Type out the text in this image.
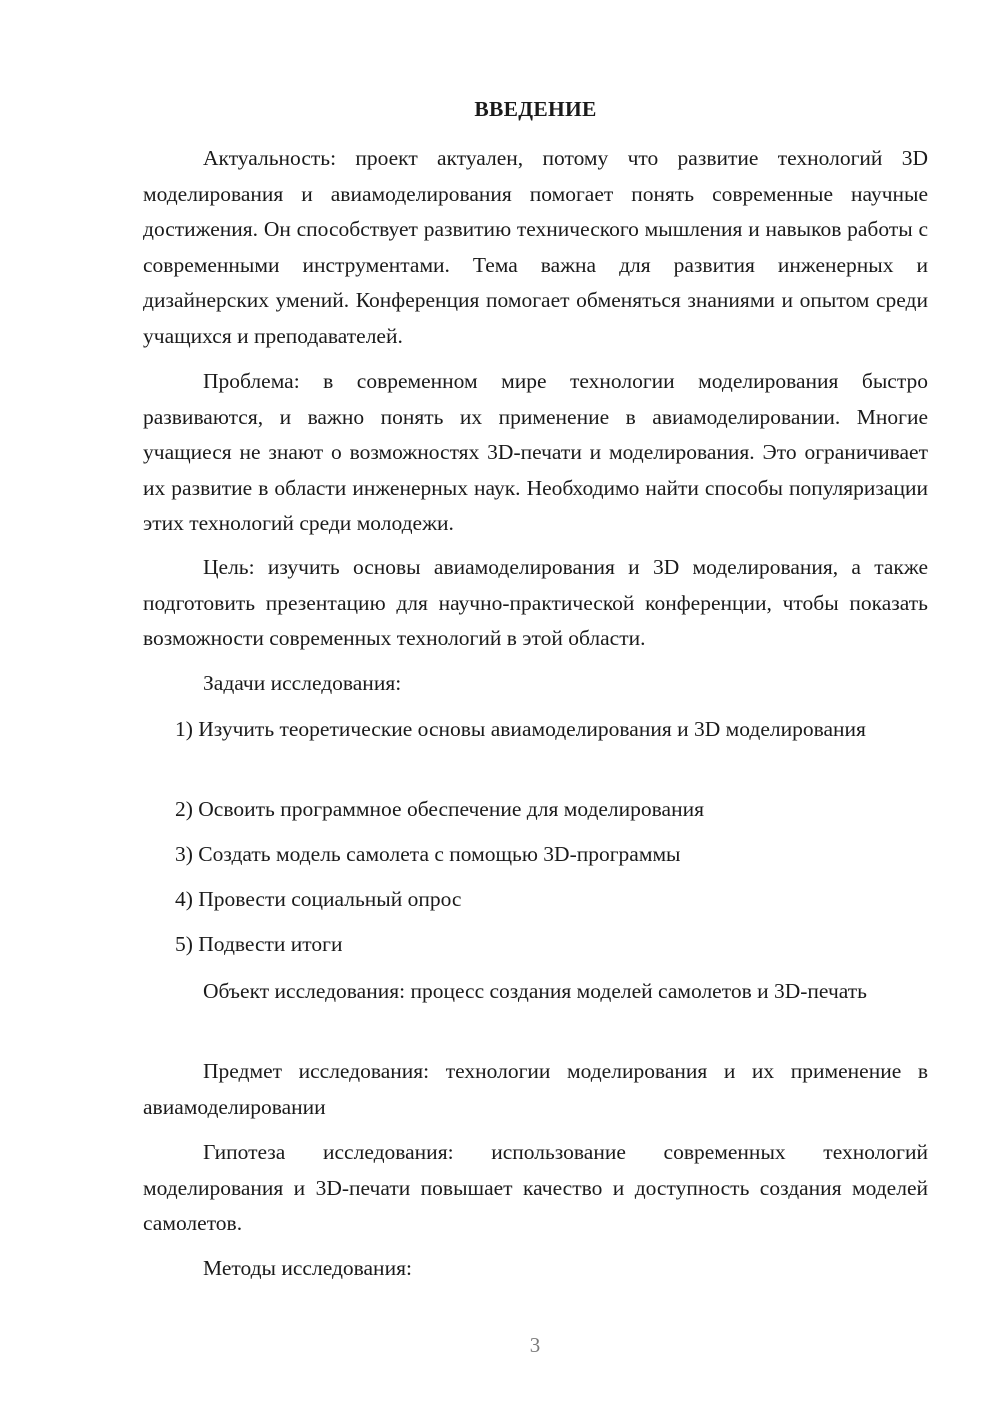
ВВЕДЕНИЕ

Актуальность: проект актуален, потому что развитие технологий 3D моделирования и авиамоделирования помогает понять современные научные достижения. Он способствует развитию технического мышления и навыков работы с современными инструментами. Тема важна для развития инженерных и дизайнерских умений. Конференция помогает обменяться знаниями и опытом среди учащихся и преподавателей.

Проблема: в современном мире технологии моделирования быстро развиваются, и важно понять их применение в авиамоделировании. Многие учащиеся не знают о возможностях 3D-печати и моделирования. Это ограничивает их развитие в области инженерных наук. Необходимо найти способы популяризации этих технологий среди молодежи.

Цель: изучить основы авиамоделирования и 3D моделирования, а также подготовить презентацию для научно-практической конференции, чтобы показать возможности современных технологий в этой области.

Задачи исследования:

1) Изучить теоретические основы авиамоделирования и 3D моделирования

2) Освоить программное обеспечение для моделирования

3) Создать модель самолета с помощью 3D-программы

4) Провести социальный опрос

5) Подвести итоги

Объект исследования: процесс создания моделей самолетов и 3D-печать

Предмет исследования: технологии моделирования и их применение в авиамоделировании

Гипотеза исследования: использование современных технологий моделирования и 3D-печати повышает качество и доступность создания моделей самолетов.

Методы исследования:

3
